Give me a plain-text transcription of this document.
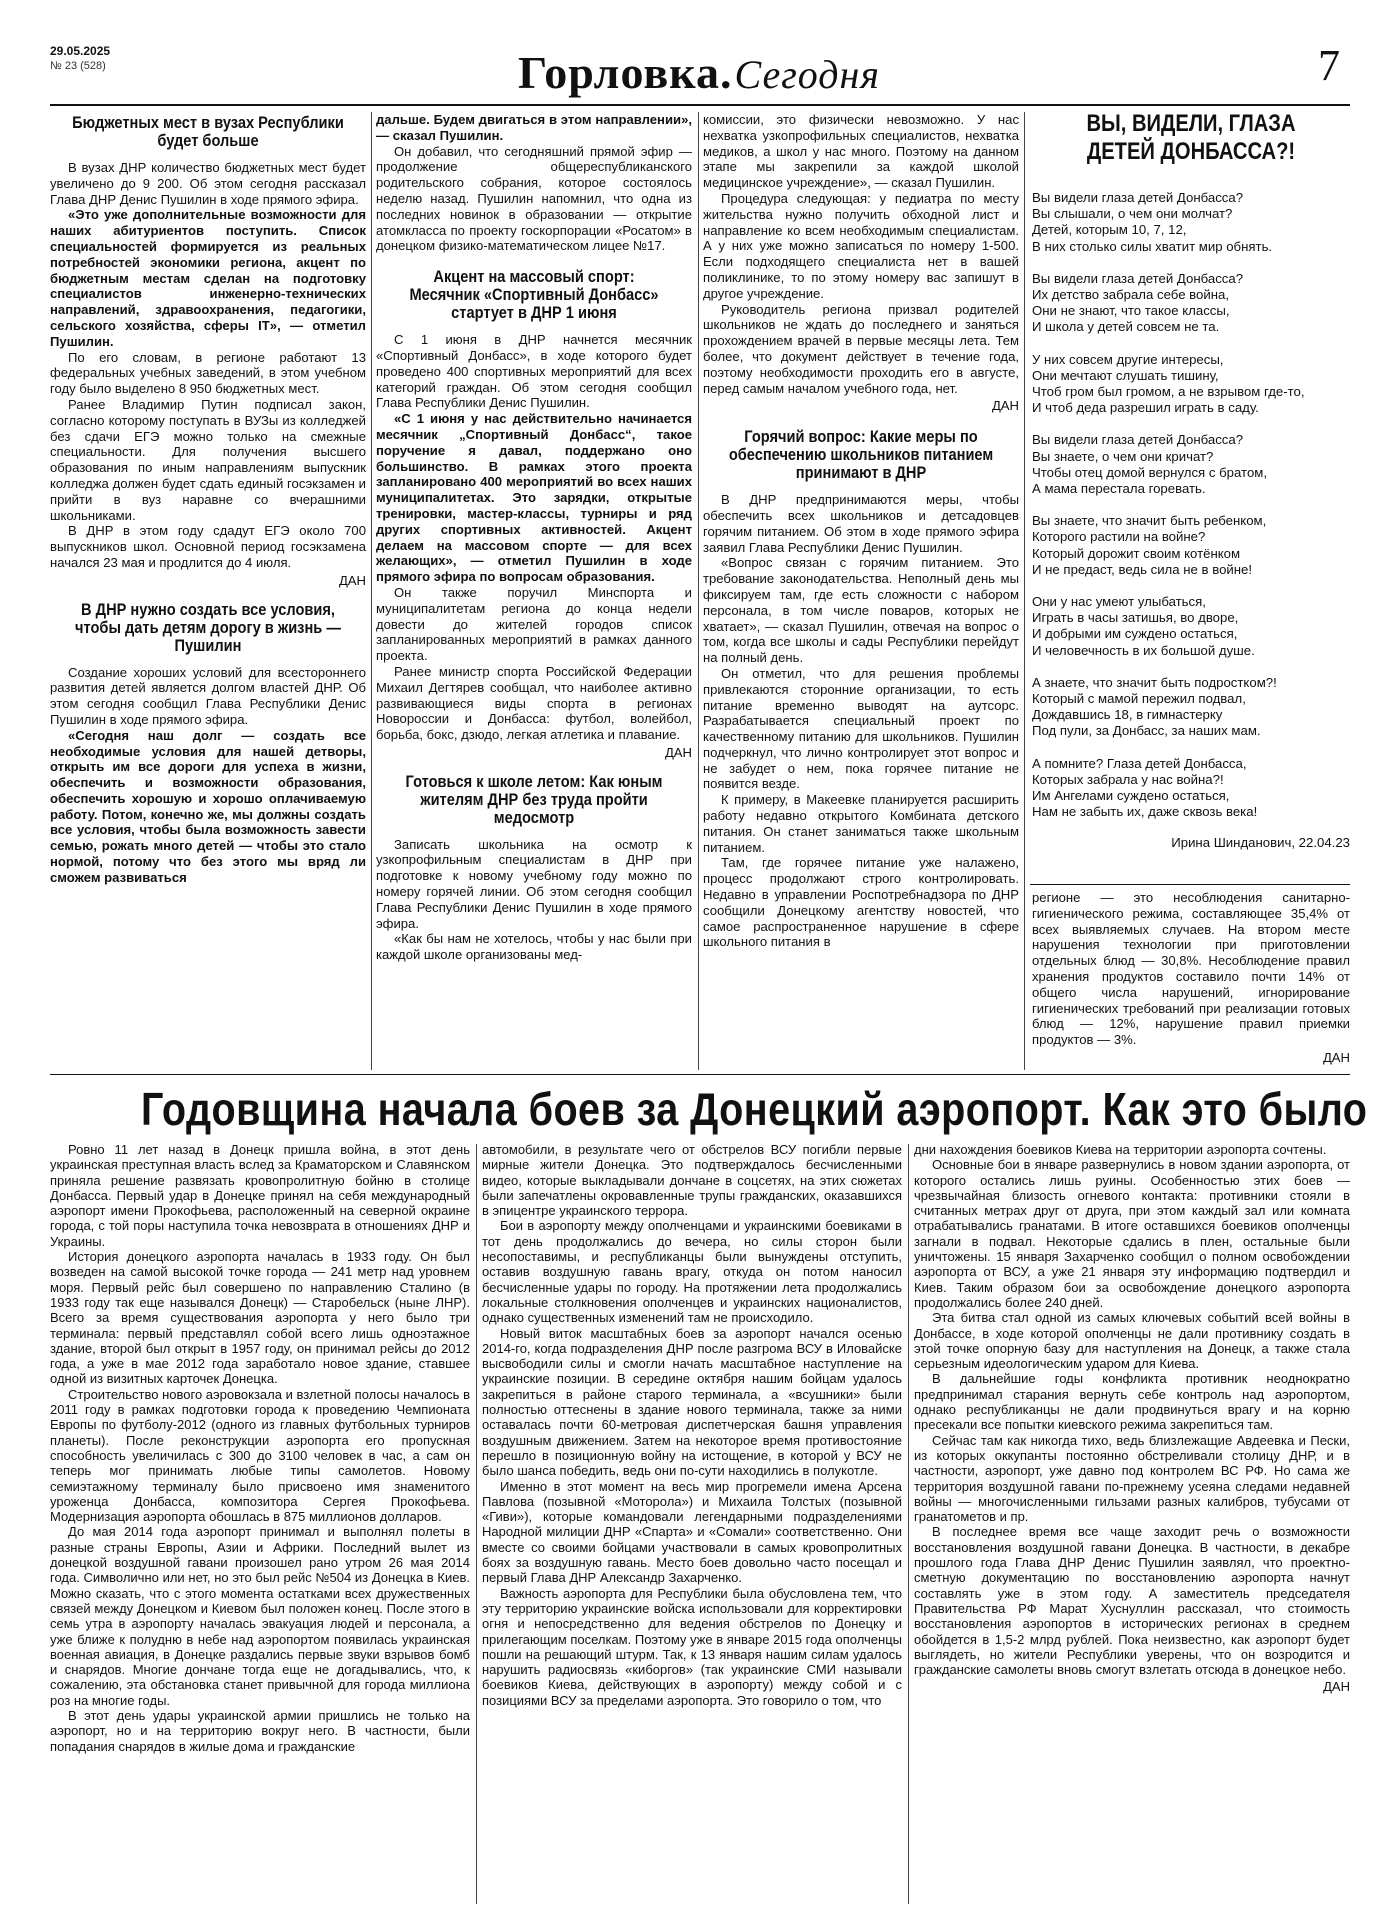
29.05.2025
№ 23 (528)	Горловка.Сегодня	7
Бюджетных мест в вузах Республики будет больше

В вузах ДНР количество бюджетных мест будет увеличено до 9 200. Об этом сегодня рассказал Глава ДНР Денис Пушилин в ходе прямого эфира.

«Это уже дополнительные возможности для наших абитуриентов поступить. Список специальностей формируется из реальных потребностей экономики региона, акцент по бюджетным местам сделан на подготовку специалистов инженерно-технических направлений, здравоохранения, педагогики, сельского хозяйства, сферы IT», — отметил Пушилин.

По его словам, в регионе работают 13 федеральных учебных заведений, в этом учебном году было выделено 8 950 бюджетных мест.

Ранее Владимир Путин подписал закон, согласно которому поступать в ВУЗы из колледжей без сдачи ЕГЭ можно только на смежные специальности. Для получения высшего образования по иным направлениям выпускник колледжа должен будет сдать единый госэкзамен и прийти в вуз наравне со вчерашними школьниками.

В ДНР в этом году сдадут ЕГЭ около 700 выпускников школ. Основной период госэкзамена начался 23 мая и продлится до 4 июля.

ДАН

В ДНР нужно создать все условия, чтобы дать детям дорогу в жизнь — Пушилин

Создание хороших условий для всестороннего развития детей является долгом властей ДНР. Об этом сегодня сообщил Глава Республики Денис Пушилин в ходе прямого эфира.

«Сегодня наш долг — создать все необходимые условия для нашей детворы, открыть им все дороги для успеха в жизни, обеспечить и возможности образования, обеспечить хорошую и хорошо оплачиваемую работу. Потом, конечно же, мы должны создать все условия, чтобы была возможность завести семью, рожать много детей — чтобы это стало нормой, потому что без этого мы вряд ли сможем развиваться

дальше. Будем двигаться в этом направлении», — сказал Пушилин.

Он добавил, что сегодняшний прямой эфир — продолжение общереспубликанского родительского собрания, которое состоялось неделю назад. Пушилин напомнил, что одна из последних новинок в образовании — открытие атомкласса по проекту госкорпорации «Росатом» в донецком физико-математическом лицее №17.

Акцент на массовый спорт: Месячник «Спортивный Донбасс» стартует в ДНР 1 июня

С 1 июня в ДНР начнется месячник «Спортивный Донбасс», в ходе которого будет проведено 400 спортивных мероприятий для всех категорий граждан. Об этом сегодня сообщил Глава Республики Денис Пушилин.

«С 1 июня у нас действительно начинается месячник „Спортивный Донбасс“, такое поручение я давал, поддержано оно большинство. В рамках этого проекта запланировано 400 мероприятий во всех наших муниципалитетах. Это зарядки, открытые тренировки, мастер-классы, турниры и ряд других спортивных активностей. Акцент делаем на массовом спорте — для всех желающих», — отметил Пушилин в ходе прямого эфира по вопросам образования.

Он также поручил Минспорта и муниципалитетам региона до конца недели довести до жителей городов список запланированных мероприятий в рамках данного проекта.

Ранее министр спорта Российской Федерации Михаил Дегтярев сообщал, что наиболее активно развивающиеся виды спорта в регионах Новороссии и Донбасса: футбол, волейбол, борьба, бокс, дзюдо, легкая атлетика и плавание.

ДАН

Готовься к школе летом: Как юным жителям ДНР без труда пройти медосмотр

Записать школьника на осмотр к узкопрофильным специалистам в ДНР при подготовке к новому учебному году можно по номеру горячей линии. Об этом сегодня сообщил Глава Республики Денис Пушилин в ходе прямого эфира.

«Как бы нам не хотелось, чтобы у нас были при каждой школе организованы мед-

комиссии, это физически невозможно. У нас нехватка узкопрофильных специалистов, нехватка медиков, а школ у нас много. Поэтому на данном этапе мы закрепили за каждой школой медицинское учреждение», — сказал Пушилин.

Процедура следующая: у педиатра по месту жительства нужно получить обходной лист и направление ко всем необходимым специалистам. А у них уже можно записаться по номеру 1-500. Если подходящего специалиста нет в вашей поликлинике, то по этому номеру вас запишут в другое учреждение.

Руководитель региона призвал родителей школьников не ждать до последнего и заняться прохождением врачей в первые месяцы лета. Тем более, что документ действует в течение года, поэтому необходимости проходить его в августе, перед самым началом учебного года, нет.

ДАН

Горячий вопрос: Какие меры по обеспечению школьников питанием принимают в ДНР

В ДНР предпринимаются меры, чтобы обеспечить всех школьников и детсадовцев горячим питанием. Об этом в ходе прямого эфира заявил Глава Республики Денис Пушилин.

«Вопрос связан с горячим питанием. Это требование законодательства. Неполный день мы фиксируем там, где есть сложности с набором персонала, в том числе поваров, которых не хватает», — сказал Пушилин, отвечая на вопрос о том, когда все школы и сады Республики перейдут на полный день.

Он отметил, что для решения проблемы привлекаются сторонние организации, то есть питание временно выводят на аутсорс. Разрабатывается специальный проект по качественному питанию для школьников. Пушилин подчеркнул, что лично контролирует этот вопрос и не забудет о нем, пока горячее питание не появится везде.

К примеру, в Макеевке планируется расширить работу недавно открытого Комбината детского питания. Он станет заниматься также школьным питанием.

Там, где горячее питание уже налажено, процесс продолжают строго контролировать. Недавно в управлении Роспотребнадзора по ДНР сообщили Донецкому агентству новостей, что самое распространенное нарушение в сфере школьного питания в

ВЫ, ВИДЕЛИ, ГЛАЗА ДЕТЕЙ ДОНБАССА?!
Вы видели глаза детей Донбасса?
Вы слышали, о чем они молчат?
Детей, которым 10, 7, 12,
В них столько силы хватит мир обнять.
Вы видели глаза детей Донбасса?
Их детство забрала себе война,
Они не знают, что такое классы,
И школа у детей совсем не та.
У них совсем другие интересы,
Они мечтают слушать тишину,
Чтоб гром был громом, а не взрывом где-то,
И чтоб деда разрешил играть в саду.
Вы видели глаза детей Донбасса?
Вы знаете, о чем они кричат?
Чтобы отец домой вернулся с братом,
А мама перестала горевать.
Вы знаете, что значит быть ребенком,
Которого растили на войне?
Который дорожит своим котёнком
И не предаст, ведь сила не в войне!
Они у нас умеют улыбаться,
Играть в часы затишья, во дворе,
И добрыми им суждено остаться,
И человечность в их большой душе.
А знаете, что значит быть подростком?!
Который с мамой пережил подвал,
Дождавшись 18, в гимнастерку
Под пули, за Донбасс, за наших мам.
А помните? Глаза детей Донбасса,
Которых забрала у нас война?!
Им Ангелами суждено остаться,
Нам не забыть их, даже сквозь века!
Ирина Шинданович, 22.04.23

регионе — это несоблюдения санитарно-гигиенического режима, составляющее 35,4% от всех выявляемых случаев. На втором месте нарушения технологии при приготовлении отдельных блюд — 30,8%. Несоблюдение правил хранения продуктов составило почти 14% от общего числа нарушений, игнорирование гигиенических требований при реализации готовых блюд — 12%, нарушение правил приемки продуктов — 3%.

ДАН

Годовщина начала боев за Донецкий аэропорт. Как это было

Ровно 11 лет назад в Донецк пришла война, в этот день украинская преступная власть вслед за Краматорском и Славянском приняла решение развязать кровопролитную бойню в столице Донбасса. Первый удар в Донецке принял на себя международный аэропорт имени Прокофьева, расположенный на северной окраине города, с той поры наступила точка невозврата в отношениях ДНР и Украины.

История донецкого аэропорта началась в 1933 году. Он был возведен на самой высокой точке города — 241 метр над уровнем моря. Первый рейс был совершено по направлению Сталино (в 1933 году так еще назывался Донецк) — Старобельск (ныне ЛНР). Всего за время существования аэропорта у него было три терминала: первый представлял собой всего лишь одноэтажное здание, второй был открыт в 1957 году, он принимал рейсы до 2012 года, а уже в мае 2012 года заработало новое здание, ставшее одной из визитных карточек Донецка.

Строительство нового аэровокзала и взлетной полосы началось в 2011 году в рамках подготовки города к проведению Чемпионата Европы по футболу-2012 (одного из главных футбольных турниров планеты). После реконструкции аэропорта его пропускная способность увеличилась с 300 до 3100 человек в час, а сам он теперь мог принимать любые типы самолетов. Новому семиэтажному терминалу было присвоено имя знаменитого уроженца Донбасса, композитора Сергея Прокофьева. Модернизация аэропорта обошлась в 875 миллионов долларов.

До мая 2014 года аэропорт принимал и выполнял полеты в разные страны Европы, Азии и Африки. Последний вылет из донецкой воздушной гавани произошел рано утром 26 мая 2014 года. Символично или нет, но это был рейс №504 из Донецка в Киев. Можно сказать, что с этого момента остатками всех дружественных связей между Донецком и Киевом был положен конец. После этого в семь утра в аэропорту началась эвакуация людей и персонала, а уже ближе к полудню в небе над аэропортом появилась украинская военная авиация, в Донецке раздались первые звуки взрывов бомб и снарядов. Многие дончане тогда еще не догадывались, что, к сожалению, эта обстановка станет привычной для города миллиона роз на многие годы.

В этот день удары украинской армии пришлись не только на аэропорт, но и на территорию вокруг него. В частности, были попадания снарядов в жилые дома и гражданские

автомобили, в результате чего от обстрелов ВСУ погибли первые мирные жители Донецка. Это подтверждалось бесчисленными видео, которые выкладывали дончане в соцсетях, на этих сюжетах были запечатлены окровавленные трупы гражданских, оказавшихся в эпицентре украинского террора.

Бои в аэропорту между ополченцами и украинскими боевиками в тот день продолжались до вечера, но силы сторон были несопоставимы, и республиканцы были вынуждены отступить, оставив воздушную гавань врагу, откуда он потом наносил бесчисленные удары по городу. На протяжении лета продолжались локальные столкновения ополченцев и украинских националистов, однако существенных изменений там не происходило.

Новый виток масштабных боев за аэропорт начался осенью 2014-го, когда подразделения ДНР после разгрома ВСУ в Иловайске высвободили силы и смогли начать масштабное наступление на украинские позиции. В середине октября нашим бойцам удалось закрепиться в районе старого терминала, а «всушники» были полностью оттеснены в здание нового терминала, также за ними оставалась почти 60-метровая диспетчерская башня управления воздушным движением. Затем на некоторое время противостояние перешло в позиционную войну на истощение, в которой у ВСУ не было шанса победить, ведь они по-сути находились в полукотле.

Именно в этот момент на весь мир прогремели имена Арсена Павлова (позывной «Моторола») и Михаила Толстых (позывной «Гиви»), которые командовали легендарными подразделениями Народной милиции ДНР «Спарта» и «Сомали» соответственно. Они вместе со своими бойцами участвовали в самых кровопролитных боях за воздушную гавань. Место боев довольно часто посещал и первый Глава ДНР Александр Захарченко.

Важность аэропорта для Республики была обусловлена тем, что эту территорию украинские войска использовали для корректировки огня и непосредственно для ведения обстрелов по Донецку и прилегающим поселкам. Поэтому уже в январе 2015 года ополченцы пошли на решающий штурм. Так, к 13 января нашим силам удалось нарушить радиосвязь «киборгов» (так украинские СМИ называли боевиков Киева, действующих в аэропорту) между собой и с позициями ВСУ за пределами аэропорта. Это говорило о том, что

дни нахождения боевиков Киева на территории аэропорта сочтены.

Основные бои в январе развернулись в новом здании аэропорта, от которого остались лишь руины. Особенностью этих боев — чрезвычайная близость огневого контакта: противники стояли в считанных метрах друг от друга, при этом каждый зал или комната отрабатывались гранатами. В итоге оставшихся боевиков ополченцы загнали в подвал. Некоторые сдались в плен, остальные были уничтожены. 15 января Захарченко сообщил о полном освобождении аэропорта от ВСУ, а уже 21 января эту информацию подтвердил и Киев. Таким образом бои за освобождение донецкого аэропорта продолжались более 240 дней.

Эта битва стал одной из самых ключевых событий всей войны в Донбассе, в ходе которой ополченцы не дали противнику создать в этой точке опорную базу для наступления на Донецк, а также стала серьезным идеологическим ударом для Киева.

В дальнейшие годы конфликта противник неоднократно предпринимал старания вернуть себе контроль над аэропортом, однако республиканцы не дали продвинуться врагу и на корню пресекали все попытки киевского режима закрепиться там.

Сейчас там как никогда тихо, ведь близлежащие Авдеевка и Пески, из которых оккупанты постоянно обстреливали столицу ДНР, и в частности, аэропорт, уже давно под контролем ВС РФ. Но сама же территория воздушной гавани по-прежнему усеяна следами недавней войны — многочисленными гильзами разных калибров, тубусами от гранатометов и пр.

В последнее время все чаще заходит речь о возможности восстановления воздушной гавани Донецка. В частности, в декабре прошлого года Глава ДНР Денис Пушилин заявлял, что проектно-сметную документацию по восстановлению аэропорта начнут составлять уже в этом году. А заместитель председателя Правительства РФ Марат Хуснуллин рассказал, что стоимость восстановления аэропортов в исторических регионах в среднем обойдется в 1,5-2 млрд рублей. Пока неизвестно, как аэропорт будет выглядеть, но жители Республики уверены, что он возродится и гражданские самолеты вновь смогут взлетать отсюда в донецкое небо.

ДАН
